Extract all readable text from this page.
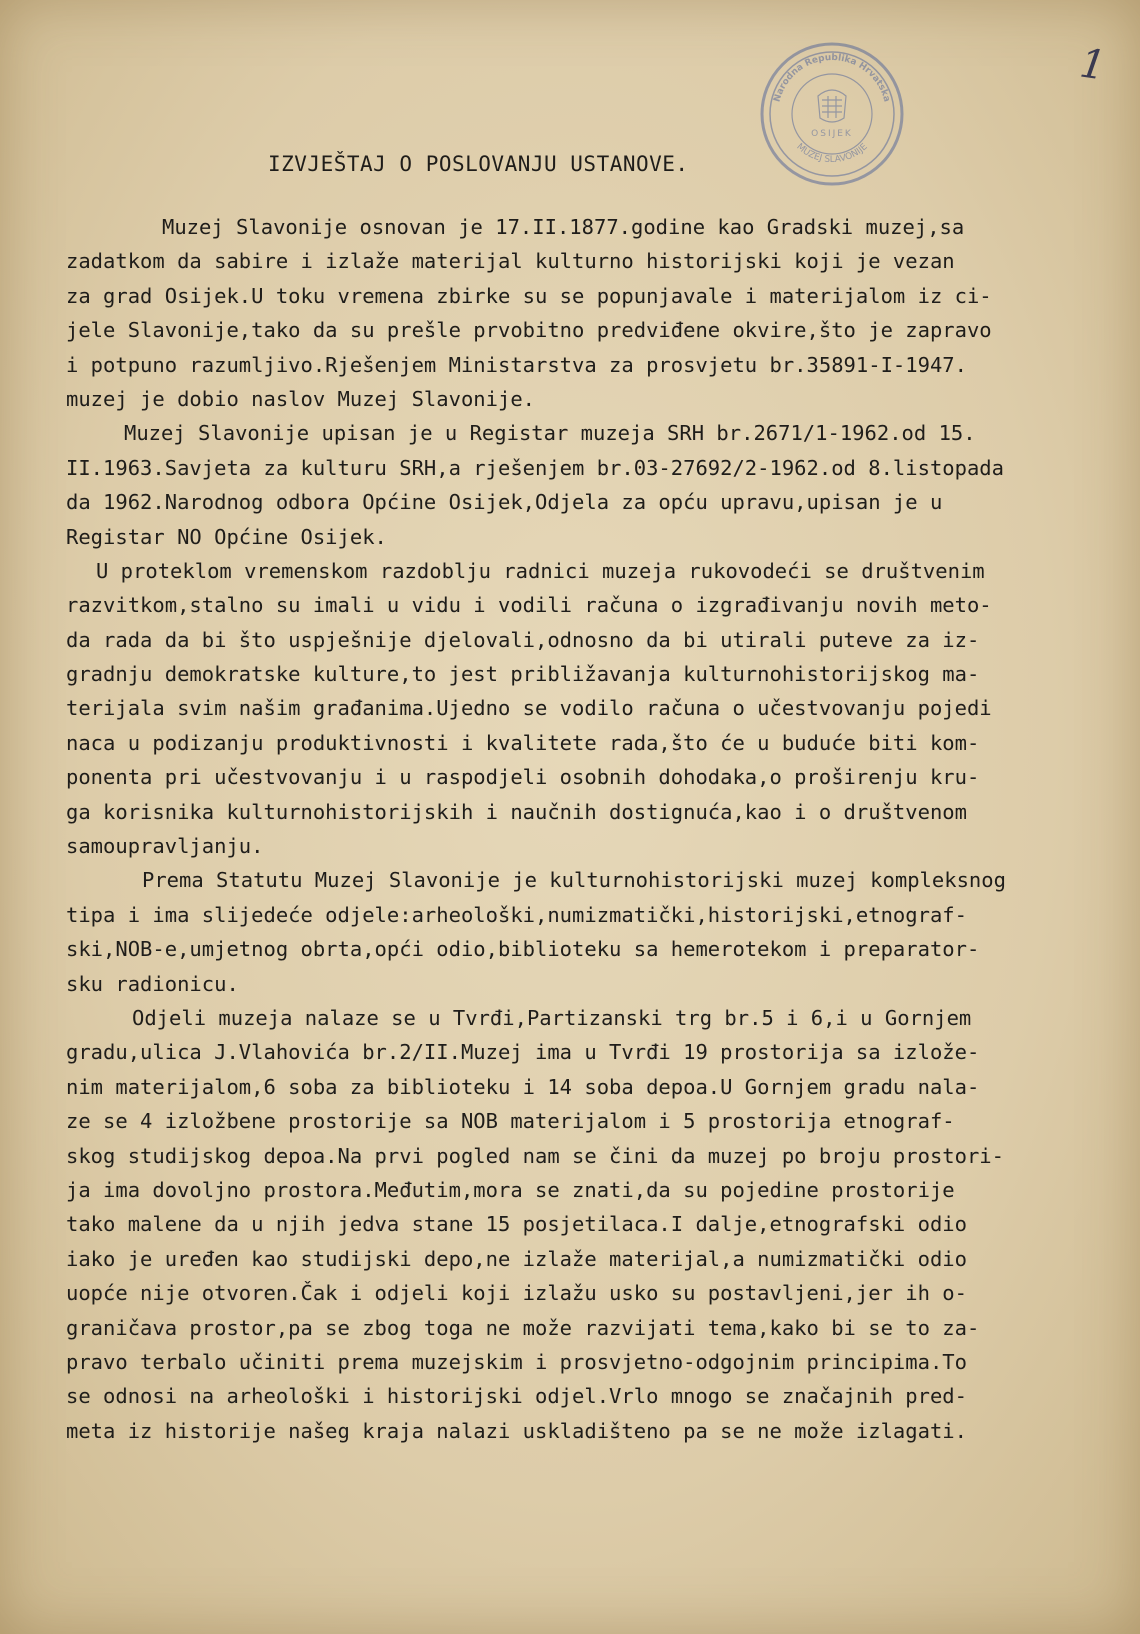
1
Narodna Republika Hrvatska
MUZEJ SLAVONIJE
OSIJEK
IZVJEŠTAJ O POSLOVANJU USTANOVE.
Muzej Slavonije osnovan je 17.II.1877.godine kao Gradski muzej,sa
zadatkom da sabire i izlaže materijal kulturno historijski koji je vezan
za grad Osijek.U toku vremena zbirke su se popunjavale i materijalom iz ci-
jele Slavonije,tako da su prešle prvobitno predviđene okvire,što je zapravo
i potpuno razumljivo.Rješenjem Ministarstva za prosvjetu br.35891-I-1947.
muzej je dobio naslov Muzej Slavonije.
Muzej Slavonije upisan je u Registar muzeja SRH br.2671/1-1962.od 15.
II.1963.Savjeta za kulturu SRH,a rješenjem br.03-27692/2-1962.od 8.listopada
da 1962.Narodnog odbora Općine Osijek,Odjela za opću upravu,upisan je u
Registar NO Općine Osijek.
U proteklom vremenskom razdoblju radnici muzeja rukovodeći se društvenim
razvitkom,stalno su imali u vidu i vodili računa o izgrađivanju novih meto-
da rada da bi što uspješnije djelovali,odnosno da bi utirali puteve za iz-
gradnju demokratske kulture,to jest približavanja kulturnohistorijskog ma-
terijala svim našim građanima.Ujedno se vodilo računa o učestvovanju pojedi
naca u podizanju produktivnosti i kvalitete rada,što će u buduće biti kom-
ponenta pri učestvovanju i u raspodjeli osobnih dohodaka,o proširenju kru-
ga korisnika kulturnohistorijskih i naučnih dostignuća,kao i o društvenom
samoupravljanju.
Prema Statutu Muzej Slavonije je kulturnohistorijski muzej kompleksnog
tipa i ima slijedeće odjele:arheološki,numizmatički,historijski,etnograf-
ski,NOB-e,umjetnog obrta,opći odio,biblioteku sa hemerotekom i preparator-
sku radionicu.
Odjeli muzeja nalaze se u Tvrđi,Partizanski trg br.5 i 6,i u Gornjem
gradu,ulica J.Vlahovića br.2/II.Muzej ima u Tvrđi 19 prostorija sa izlože-
nim materijalom,6 soba za biblioteku i 14 soba depoa.U Gornjem gradu nala-
ze se 4 izložbene prostorije sa NOB materijalom i 5 prostorija etnograf-
skog studijskog depoa.Na prvi pogled nam se čini da muzej po broju prostori-
ja ima dovoljno prostora.Međutim,mora se znati,da su pojedine prostorije
tako malene da u njih jedva stane 15 posjetilaca.I dalje,etnografski odio
iako je uređen kao studijski depo,ne izlaže materijal,a numizmatički odio
uopće nije otvoren.Čak i odjeli koji izlažu usko su postavljeni,jer ih o-
graničava prostor,pa se zbog toga ne može razvijati tema,kako bi se to za-
pravo terbalo učiniti prema muzejskim i prosvjetno-odgojnim principima.To
se odnosi na arheološki i historijski odjel.Vrlo mnogo se značajnih pred-
meta iz historije našeg kraja nalazi uskladišteno pa se ne može izlagati.
